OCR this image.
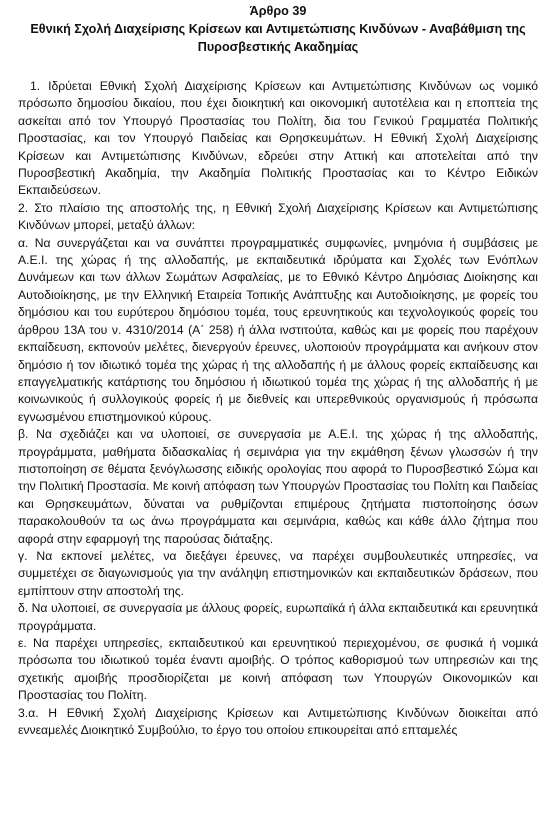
Άρθρο 39
Εθνική Σχολή Διαχείρισης Κρίσεων και Αντιμετώπισης Κινδύνων - Αναβάθμιση της
Πυροσβεστικής Ακαδημίας

1. Ιδρύεται Εθνική Σχολή Διαχείρισης Κρίσεων και Αντιμετώπισης Κινδύνων ως νομικό πρόσωπο δημοσίου δικαίου, που έχει διοικητική και οικονομική αυτοτέλεια και η εποπτεία της ασκείται από τον Υπουργό Προστασίας του Πολίτη, δια του Γενικού Γραμματέα Πολιτικής Προστασίας, και τον Υπουργό Παιδείας και Θρησκευμάτων. Η Εθνική Σχολή Διαχείρισης Κρίσεων και Αντιμετώπισης Κινδύνων, εδρεύει στην Αττική και αποτελείται από την Πυροσβεστική Ακαδημία, την Ακαδημία Πολιτικής Προστασίας και το Κέντρο Ειδικών Εκπαιδεύσεων.

2. Στο πλαίσιο της αποστολής της, η Εθνική Σχολή Διαχείρισης Κρίσεων και Αντιμετώπισης Κινδύνων μπορεί, μεταξύ άλλων:

α. Να συνεργάζεται και να συνάπτει προγραμματικές συμφωνίες, μνημόνια ή συμβάσεις με Α.Ε.Ι. της χώρας ή της αλλοδαπής, με εκπαιδευτικά ιδρύματα και Σχολές των Ενόπλων Δυνάμεων και των άλλων Σωμάτων Ασφαλείας, με το Εθνικό Κέντρο Δημόσιας Διοίκησης και Αυτοδιοίκησης, με την Ελληνική Εταιρεία Τοπικής Ανάπτυξης και Αυτοδιοίκησης, με φορείς του δημόσιου και του ευρύτερου δημόσιου τομέα, τους ερευνητικούς και τεχνολογικούς φορείς του άρθρου 13Α του ν. 4310/2014 (Α΄ 258) ή άλλα ινστιτούτα, καθώς και με φορείς που παρέχουν εκπαίδευση, εκπονούν μελέτες, διενεργούν έρευνες, υλοποιούν προγράμματα και ανήκουν στον δημόσιο ή τον ιδιωτικό τομέα της χώρας ή της αλλοδαπής ή με άλλους φορείς εκπαίδευσης και επαγγελματικής κατάρτισης του δημόσιου ή ιδιωτικού τομέα της χώρας ή της αλλοδαπής ή με κοινωνικούς ή συλλογικούς φορείς ή με διεθνείς και υπερεθνικούς οργανισμούς ή πρόσωπα εγνωσμένου επιστημονικού κύρους.

β. Να σχεδιάζει και να υλοποιεί, σε συνεργασία με Α.Ε.Ι. της χώρας ή της αλλοδαπής, προγράμματα, μαθήματα διδασκαλίας ή σεμινάρια για την εκμάθηση ξένων γλωσσών ή την πιστοποίηση σε θέματα ξενόγλωσσης ειδικής ορολογίας που αφορά το Πυροσβεστικό Σώμα και την Πολιτική Προστασία. Με κοινή απόφαση των Υπουργών Προστασίας του Πολίτη και Παιδείας και Θρησκευμάτων, δύναται να ρυθμίζονται επιμέρους ζητήματα πιστοποίησης όσων παρακολουθούν τα ως άνω προγράμματα και σεμινάρια, καθώς και κάθε άλλο ζήτημα που αφορά στην εφαρμογή της παρούσας διάταξης.

γ. Να εκπονεί μελέτες, να διεξάγει έρευνες, να παρέχει συμβουλευτικές υπηρεσίες, να συμμετέχει σε διαγωνισμούς για την ανάληψη επιστημονικών και εκπαιδευτικών δράσεων, που εμπίπτουν στην αποστολή της.

δ. Να υλοποιεί, σε συνεργασία με άλλους φορείς, ευρωπαϊκά ή άλλα εκπαιδευτικά και ερευνητικά προγράμματα.

ε. Να παρέχει υπηρεσίες, εκπαιδευτικού και ερευνητικού περιεχομένου, σε φυσικά ή νομικά πρόσωπα του ιδιωτικού τομέα έναντι αμοιβής. Ο τρόπος καθορισμού των υπηρεσιών και της σχετικής αμοιβής προσδιορίζεται με κοινή απόφαση των Υπουργών Οικονομικών και Προστασίας του Πολίτη.

3.α. Η Εθνική Σχολή Διαχείρισης Κρίσεων και Αντιμετώπισης Κινδύνων διοικείται από εννεαμελές Διοικητικό Συμβούλιο, το έργο του οποίου επικουρείται από επταμελές
